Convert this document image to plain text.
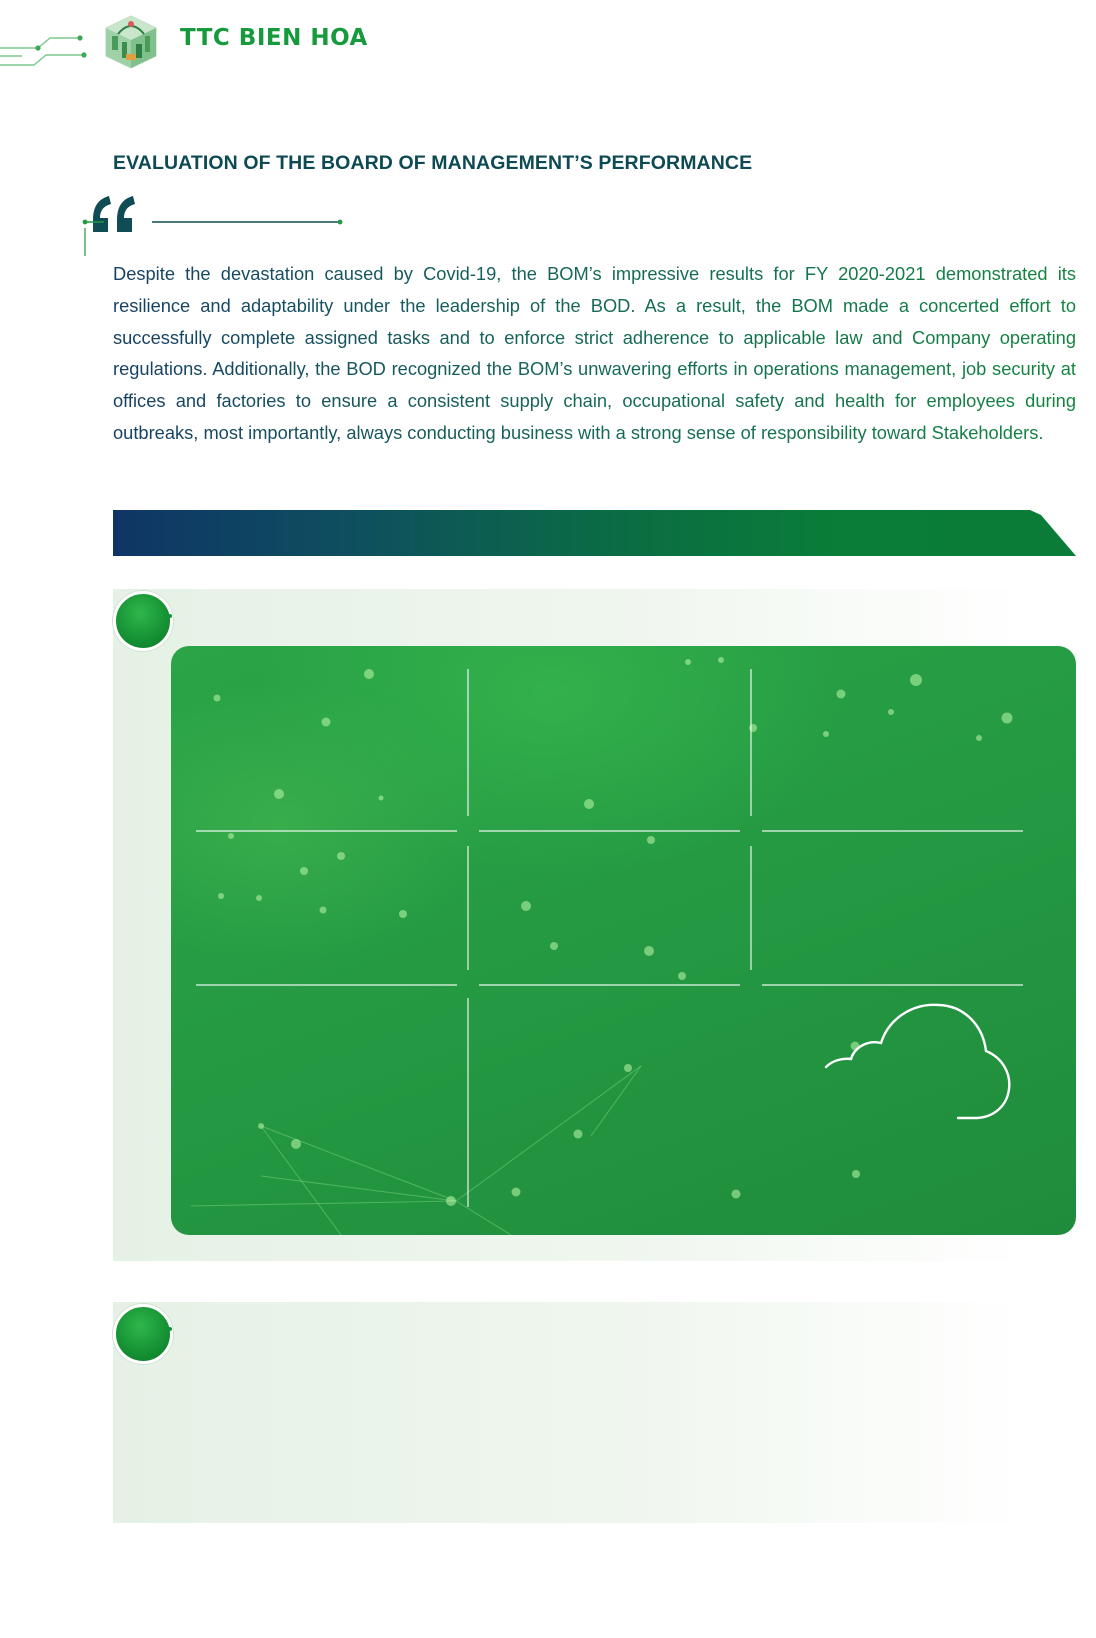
TTC BIEN HOA
EVALUATION OF THE BOARD OF MANAGEMENT’S PERFORMANCE

Despite the devastation caused by Covid-19, the BOM’s impressive results for FY 2020-2021 demonstrated its resilience and adaptability under the leadership of the BOD. As a result, the BOM made a concerted effort to successfully complete assigned tasks and to enforce strict adherence to applicable law and Company operating regulations. Additionally, the BOD recognized the BOM’s unwavering efforts in operations management, job security at offices and factories to ensure a consistent supply chain, occupational safety and health for employees during outbreaks, most importantly, always conducting business with a strong sense of responsibility toward Stakeholders.
